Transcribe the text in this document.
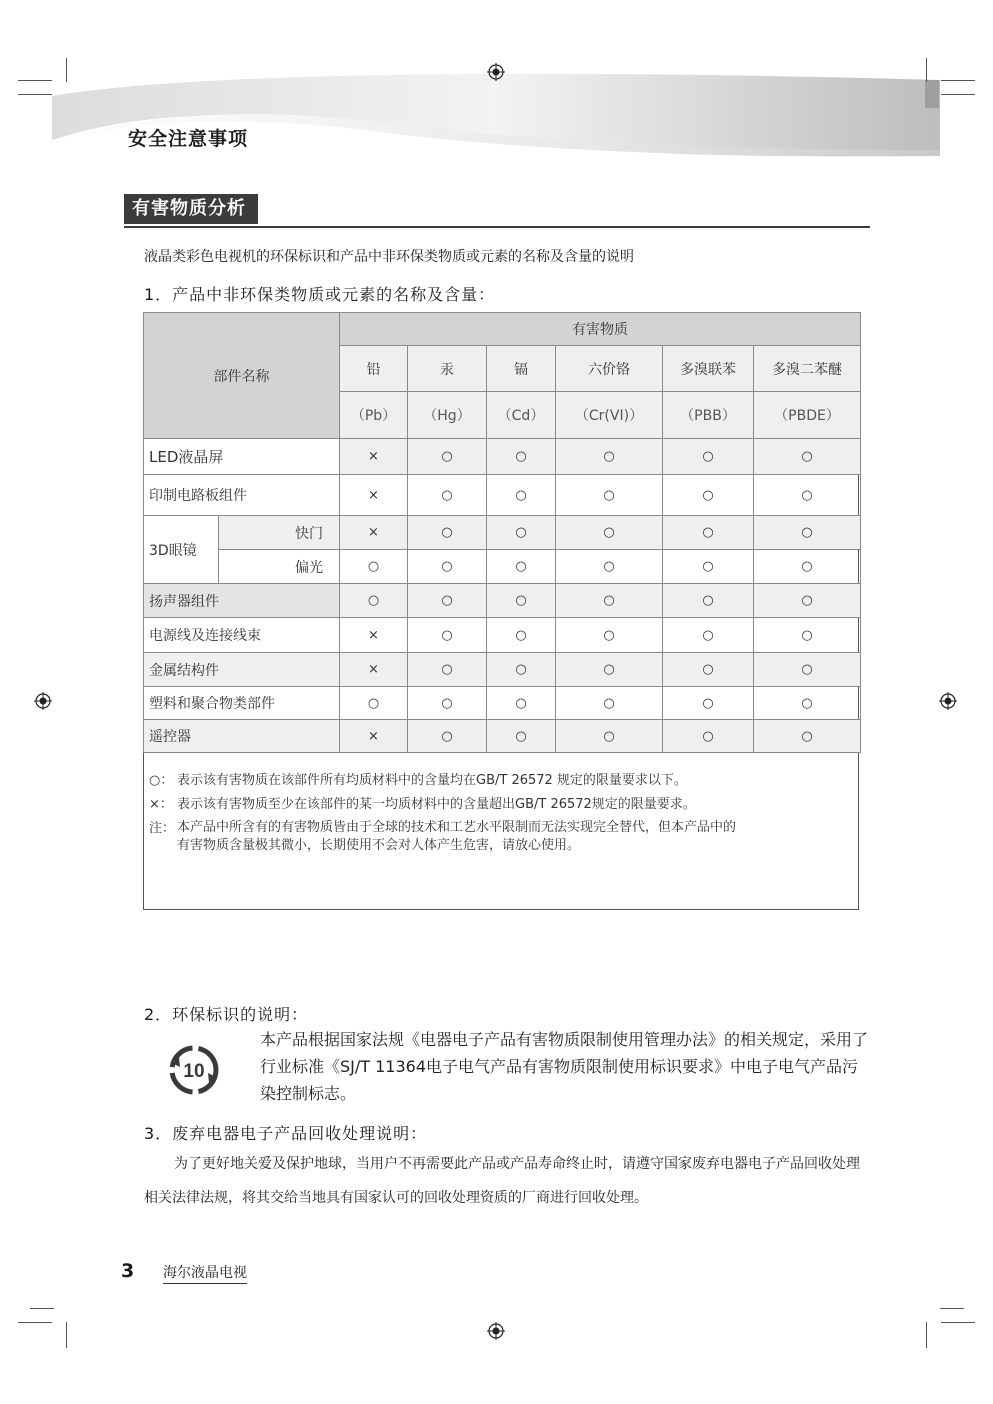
安全注意事项
有害物质分析
液晶类彩色电视机的环保标识和产品中非环保类物质或元素的名称及含量的说明
1．产品中非环保类物质或元素的名称及含量：
部件名称		有害物质					
		铅	汞	镉	六价铬	多溴联苯	多溴二苯醚
		（Pb）	（Hg）	（Cd）	（Cr(VI)）	（PBB）	（PBDE）
LED液晶屏		×	○	○	○	○	○
印制电路板组件		×	○	○	○	○	○
3D眼镜	快门	×	○	○	○	○	○
	偏光	○	○	○	○	○	○
扬声器组件		○	○	○	○	○	○
电源线及连接线束		×	○	○	○	○	○
金属结构件		×	○	○	○	○	○
塑料和聚合物类部件		○	○	○	○	○	○
遥控器		×	○	○	○	○	○
○： 表示该有害物质在该部件所有均质材料中的含量均在GB/T 26572 规定的限量要求以下。
×： 表示该有害物质至少在该部件的某一均质材料中的含量超出GB/T 26572规定的限量要求。
注： 本产品中所含有的有害物质皆由于全球的技术和工艺水平限制而无法实现完全替代，但本产品中的
有害物质含量极其微小，长期使用不会对人体产生危害，请放心使用。
2．环保标识的说明：
10
本产品根据国家法规《电器电子产品有害物质限制使用管理办法》的相关规定，采用了行业标准《SJ/T 11364电子电气产品有害物质限制使用标识要求》中电子电气产品污染控制标志。
3．废弃电器电子产品回收处理说明：
为了更好地关爱及保护地球，当用户不再需要此产品或产品寿命终止时，请遵守国家废弃电器电子产品回收处理相关法律法规，将其交给当地具有国家认可的回收处理资质的厂商进行回收处理。
3 海尔液晶电视
